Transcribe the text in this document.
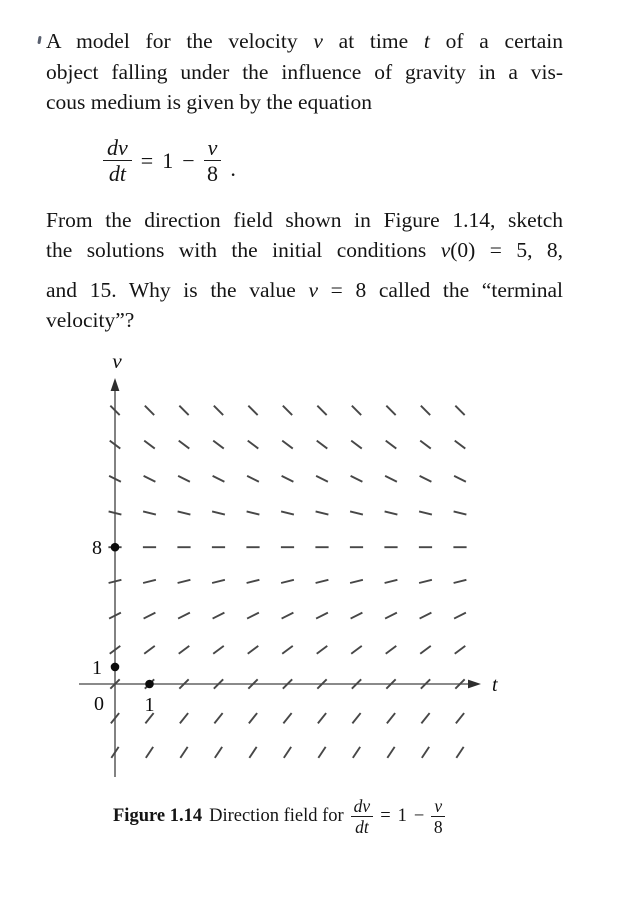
A model for the velocity v at time t of a certain
object falling under the influence of gravity in a vis-
cous medium is given by the equation
$\frac{dv}{dt} = 1 - \frac{v}{8}$ .
From the direction field shown in Figure 1.14, sketch
the solutions with the initial conditions v(0) = 5, 8,
and 15. Why is the value v = 8 called the “terminal
velocity”?
8
1
1
0
v
t
Figure 1.14 Direction field for $\frac{dv}{dt} = 1 - \frac{v}{8}$
